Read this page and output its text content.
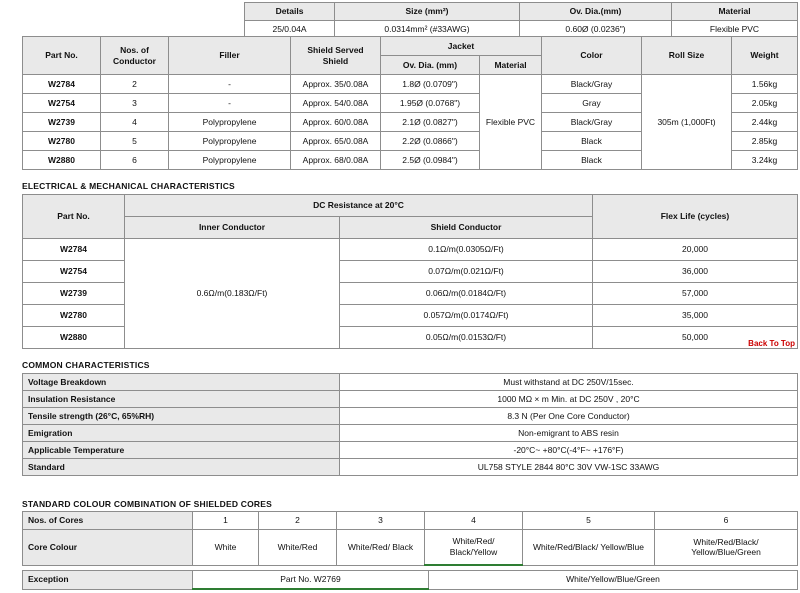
Details	Size (mm²)	Ov. Dia.(mm)	Material
25/0.04A	0.0314mm² (#33AWG)	0.60Ø (0.0236")	Flexible PVC
Part No.	Nos. of Conductor	Filler	Shield Served Shield	Jacket		Color	Roll Size	Weight
				Ov. Dia. (mm)	Material			
W2784	2	-	Approx. 35/0.08A	1.8Ø (0.0709")	Flexible PVC	Black/Gray	305m (1,000Ft)	1.56kg
W2754	3	-	Approx. 54/0.08A	1.95Ø (0.0768")		Gray		2.05kg
W2739	4	Polypropylene	Approx. 60/0.08A	2.1Ø (0.0827")		Black/Gray		2.44kg
W2780	5	Polypropylene	Approx. 65/0.08A	2.2Ø (0.0866")		Black		2.85kg
W2880	6	Polypropylene	Approx. 68/0.08A	2.5Ø (0.0984")		Black		3.24kg
ELECTRICAL & MECHANICAL CHARACTERISTICS
Part No.	DC Resistance at 20°C		Flex Life (cycles)
	Inner Conductor	Shield Conductor	
W2784	0.6Ω/m(0.183Ω/Ft)	0.1Ω/m(0.0305Ω/Ft)	20,000
W2754		0.07Ω/m(0.021Ω/Ft)	36,000
W2739		0.06Ω/m(0.0184Ω/Ft)	57,000
W2780		0.057Ω/m(0.0174Ω/Ft)	35,000
W2880		0.05Ω/m(0.0153Ω/Ft)	50,000
Back To Top
COMMON CHARACTERISTICS
Voltage Breakdown	Must withstand at DC 250V/15sec.
Insulation Resistance	1000 MΩ × m Min. at DC 250V , 20°C
Tensile strength (26°C, 65%RH)	8.3 N (Per One Core Conductor)
Emigration	Non-emigrant to ABS resin
Applicable Temperature	-20°C~ +80°C(-4°F~ +176°F)
Standard	UL758 STYLE 2844 80°C 30V VW-1SC 33AWG
STANDARD COLOUR COMBINATION OF SHIELDED CORES
Nos. of Cores	1	2	3	4	5	6
Core Colour	White	White/Red	White/Red/ Black	White/Red/ Black/Yellow	White/Red/Black/ Yellow/Blue	White/Red/Black/ Yellow/Blue/Green
Exception	Part No. W2769	White/Yellow/Blue/Green
